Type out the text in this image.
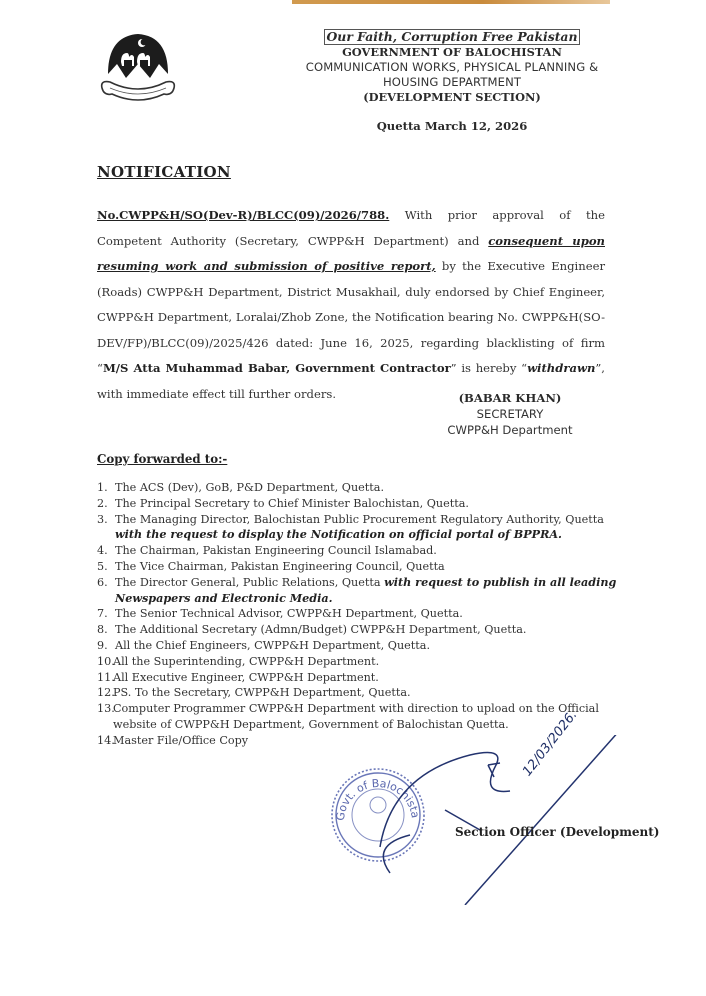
Our Faith, Corruption Free Pakistan
GOVERNMENT OF BALOCHISTAN
COMMUNICATION WORKS, PHYSICAL PLANNING &
HOUSING DEPARTMENT
(DEVELOPMENT SECTION)
Quetta March 12, 2026
NOTIFICATION
No.CWPP&H/SO(Dev-R)/BLCC(09)/2026/788. With prior approval of the Competent Authority (Secretary, CWPP&H Department) and consequent upon resuming work and submission of positive report, by the Executive Engineer (Roads) CWPP&H Department, District Musakhail, duly endorsed by Chief Engineer, CWPP&H Department, Loralai/Zhob Zone, the Notification bearing No. CWPP&H(SO-DEV/FP)/BLCC(09)/2025/426 dated: June 16, 2025, regarding blacklisting of firm “M/S Atta Muhammad Babar, Government Contractor” is hereby “withdrawn”, with immediate effect till further orders.	(BABAR KHAN)
SECRETARY
CWPP&H Department
Copy forwarded to:-
1. The ACS (Dev), GoB, P&D Department, Quetta.
2. The Principal Secretary to Chief Minister Balochistan, Quetta.
3. The Managing Director, Balochistan Public Procurement Regulatory Authority, Quetta with the request to display the Notification on official portal of BPPRA.
4. The Chairman, Pakistan Engineering Council Islamabad.
5. The Vice Chairman, Pakistan Engineering Council, Quetta
6. The Director General, Public Relations, Quetta with request to publish in all leading Newspapers and Electronic Media.
7. The Senior Technical Advisor, CWPP&H Department, Quetta.
8. The Additional Secretary (Admn/Budget) CWPP&H Department, Quetta.
9. All the Chief Engineers, CWPP&H Department, Quetta.
10.
All the Superintending, CWPP&H Department.
11.
All Executive Engineer, CWPP&H Department.
12.
PS. To the Secretary, CWPP&H Department, Quetta.
13.
Computer Programmer CWPP&H Department with direction to upload on the Official website of CWPP&H Department, Government of Balochistan Quetta.
14.
Master File/Office Copy
Govt. of Balochistan
12/03/2026.
Section Officer (Development)
